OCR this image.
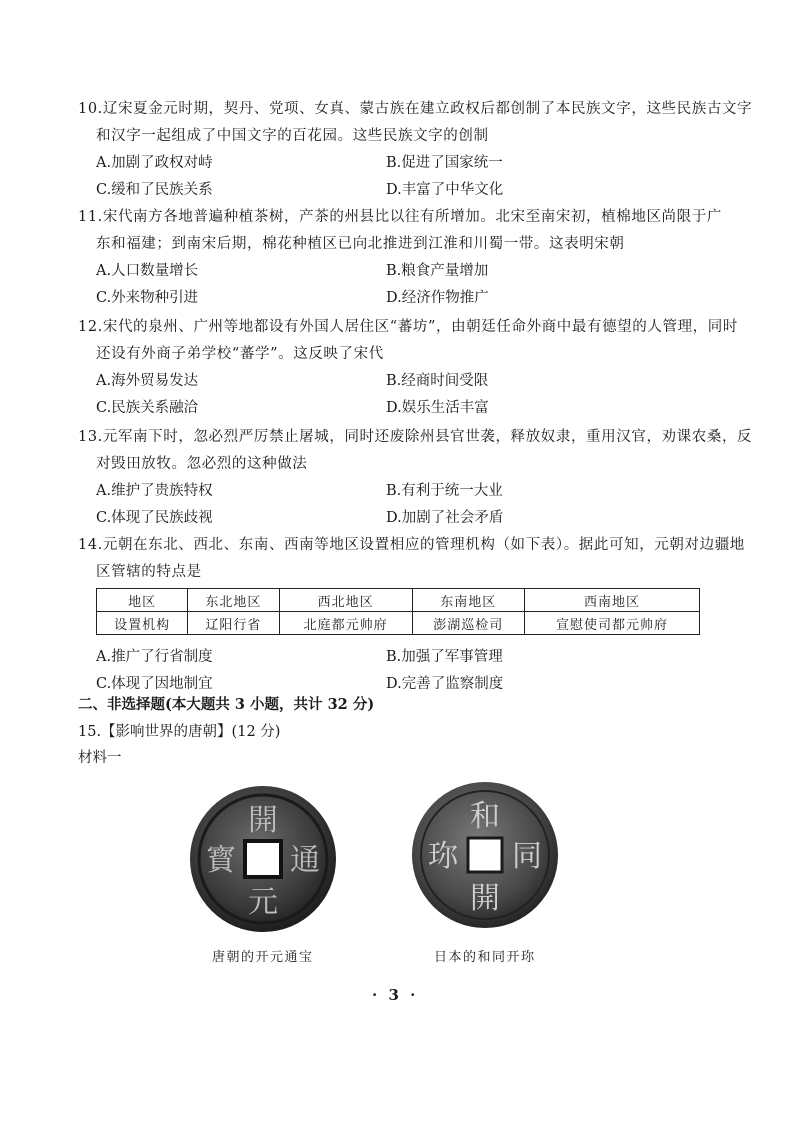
10.辽宋夏金元时期，契丹、党项、女真、蒙古族在建立政权后都创制了本民族文字，这些民族古文字
和汉字一起组成了中国文字的百花园。这些民族文字的创制
A.加剧了政权对峙	B.促进了国家统一
C.缓和了民族关系	D.丰富了中华文化
11.宋代南方各地普遍种植茶树，产茶的州县比以往有所增加。北宋至南宋初，植棉地区尚限于广
东和福建；到南宋后期，棉花种植区已向北推进到江淮和川蜀一带。这表明宋朝
A.人口数量增长	B.粮食产量增加
C.外来物种引进	D.经济作物推广
12.宋代的泉州、广州等地都设有外国人居住区“蕃坊”，由朝廷任命外商中最有德望的人管理，同时
还设有外商子弟学校“蕃学”。这反映了宋代
A.海外贸易发达	B.经商时间受限
C.民族关系融洽	D.娱乐生活丰富
13.元军南下时，忽必烈严厉禁止屠城，同时还废除州县官世袭，释放奴隶，重用汉官，劝课农桑，反
对毁田放牧。忽必烈的这种做法
A.维护了贵族特权	B.有利于统一大业
C.体现了民族歧视	D.加剧了社会矛盾
14.元朝在东北、西北、东南、西南等地区设置相应的管理机构（如下表）。据此可知，元朝对边疆地
区管辖的特点是
地区	东北地区	西北地区	东南地区	西南地区
设置机构	辽阳行省	北庭都元帅府	澎湖巡检司	宣慰使司都元帅府
A.推广了行省制度	B.加强了军事管理
C.体现了因地制宜	D.完善了监察制度
二、非选择题(本大题共 3 小题，共计 32 分)
15.【影响世界的唐朝】(12 分)
材料一
開
通
元
寳
唐朝的开元通宝
和
同
開
珎
日本的和同开珎
· 3 ·
